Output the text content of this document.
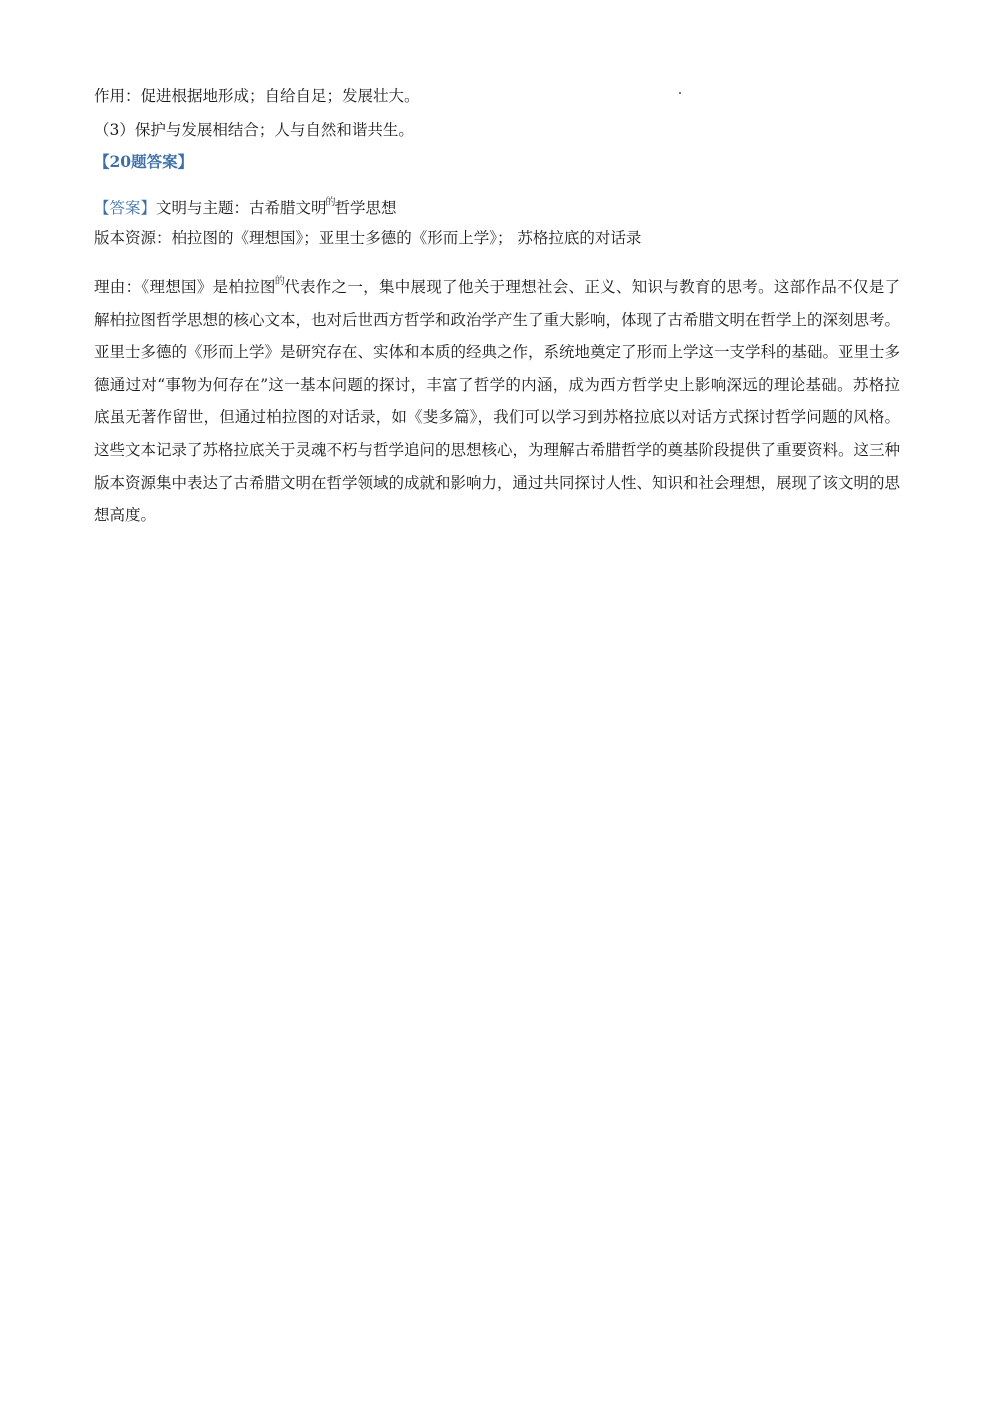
作用：促进根据地形成；自给自足；发展壮大。
（3）保护与发展相结合；人与自然和谐共生。
【20题答案】
【答案】文明与主题：古希腊文明$^的$哲学思想
版本资源：柏拉图的《理想国》；亚里士多德的《形而上学》； 苏格拉底的对话录
理由：《理想国》是柏拉图$^的$代表作之一，集中展现了他关于理想社会、正义、知识与教育的思考。这部作品不仅是了解柏拉图哲学思想的核心文本，也对后世西方哲学和政治学产生了重大影响，体现了古希腊文明在哲学上的深刻思考。亚里士多德的《形而上学》是研究存在、实体和本质的经典之作，系统地奠定了形而上学这一支学科的基础。亚里士多德通过对“事物为何存在”这一基本问题的探讨，丰富了哲学的内涵，成为西方哲学史上影响深远的理论基础。苏格拉底虽无著作留世，但通过柏拉图的对话录，如《斐多篇》，我们可以学习到苏格拉底以对话方式探讨哲学问题的风格。这些文本记录了苏格拉底关于灵魂不朽与哲学追问的思想核心，为理解古希腊哲学的奠基阶段提供了重要资料。这三种版本资源集中表达了古希腊文明在哲学领域的成就和影响力，通过共同探讨人性、知识和社会理想，展现了该文明的思想高度。
